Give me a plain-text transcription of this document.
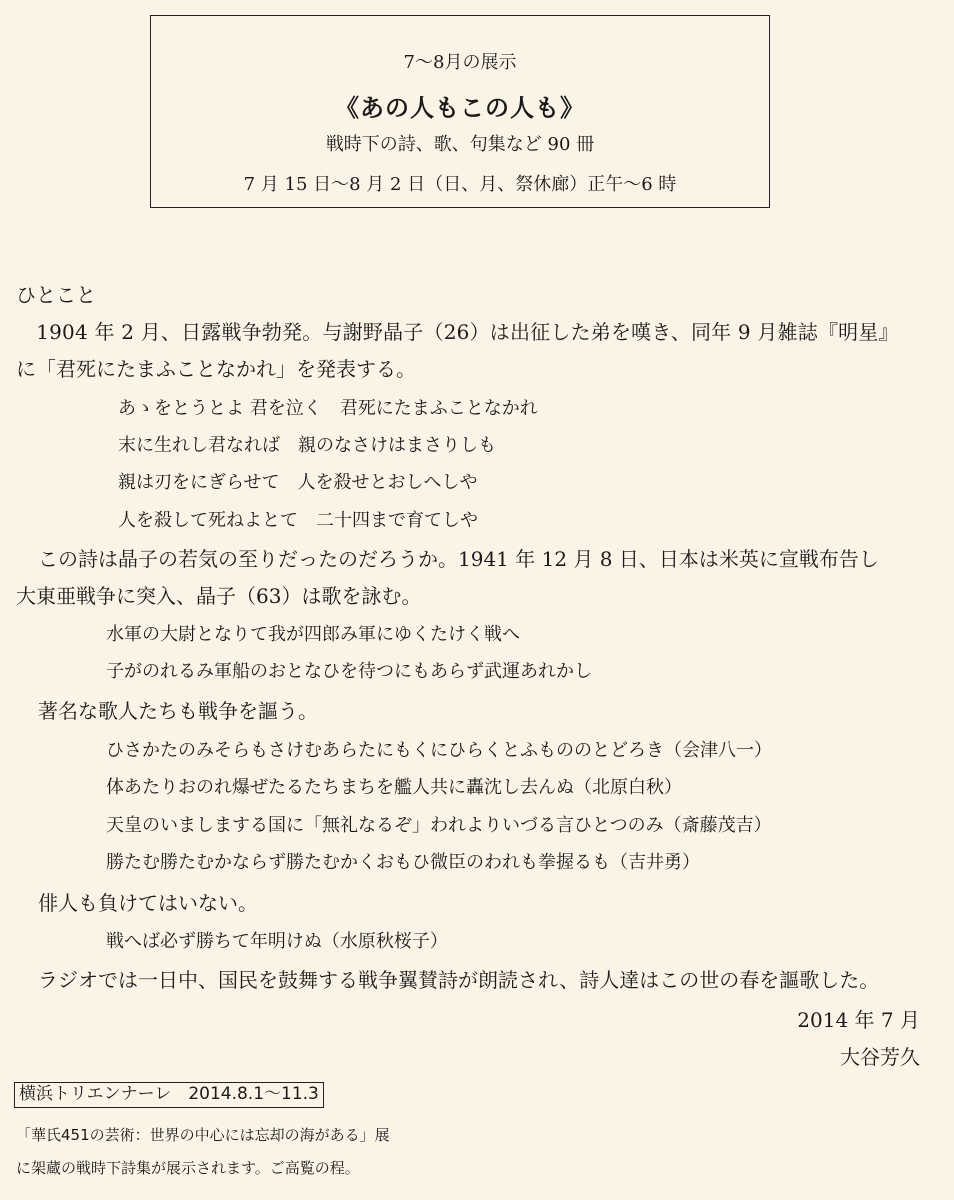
7～8月の展示
《あの人もこの人も》
戦時下の詩、歌、句集など 90 冊
7 月 15 日～8 月 2 日（日、月、祭休廊）正午～6 時
ひとこと
　1904 年 2 月、日露戦争勃発。与謝野晶子（26）は出征した弟を嘆き、同年 9 月雑誌『明星』
に「君死にたまふことなかれ」を発表する。
あゝをとうとよ 君を泣く　君死にたまふことなかれ
末に生れし君なれば　親のなさけはまさりしも
親は刃をにぎらせて　人を殺せとおしへしや
人を殺して死ねよとて　二十四まで育てしや
この詩は晶子の若気の至りだったのだろうか。1941 年 12 月 8 日、日本は米英に宣戦布告し
大東亜戦争に突入、晶子（63）は歌を詠む。
水軍の大尉となりて我が四郎み軍にゆくたけく戦へ
子がのれるみ軍船のおとなひを待つにもあらず武運あれかし
著名な歌人たちも戦争を謳う。
ひさかたのみそらもさけむあらたにもくにひらくとふもののとどろき（会津八一）
体あたりおのれ爆ぜたるたちまちを艦人共に轟沈し去んぬ（北原白秋）
天皇のいましまする国に「無礼なるぞ」われよりいづる言ひとつのみ（斎藤茂吉）
勝たむ勝たむかならず勝たむかくおもひ微臣のわれも拳握るも（吉井勇）
俳人も負けてはいない。
戦へば必ず勝ちて年明けぬ（水原秋桜子）
ラジオでは一日中、国民を鼓舞する戦争翼賛詩が朗読され、詩人達はこの世の春を謳歌した。
2014 年 7 月
大谷芳久
横浜トリエンナーレ　2014.8.1～11.3
「華氏451の芸術：世界の中心には忘却の海がある」展
に架蔵の戦時下詩集が展示されます。ご高覧の程。
